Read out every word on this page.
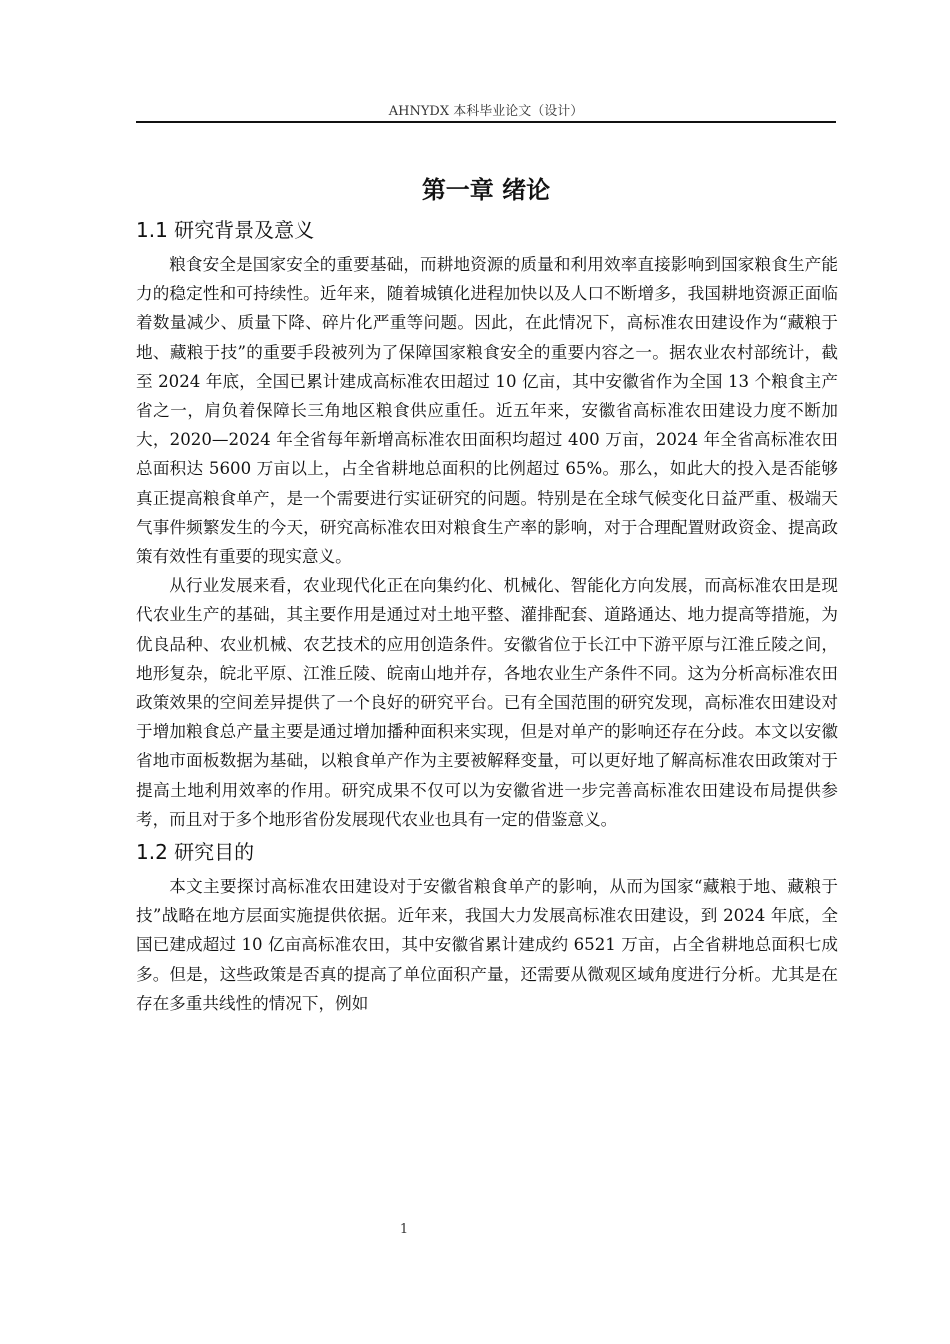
AHNYDX 本科毕业论文（设计）
第一章 绪论
1.1 研究背景及意义

粮食安全是国家安全的重要基础，而耕地资源的质量和利用效率直接影响到国家粮食生产能力的稳定性和可持续性。近年来，随着城镇化进程加快以及人口不断增多，我国耕地资源正面临着数量减少、质量下降、碎片化严重等问题。因此，在此情况下，高标准农田建设作为“藏粮于地、藏粮于技”的重要手段被列为了保障国家粮食安全的重要内容之一。据农业农村部统计，截至 2024 年底，全国已累计建成高标准农田超过 10 亿亩，其中安徽省作为全国 13 个粮食主产省之一，肩负着保障长三角地区粮食供应重任。近五年来，安徽省高标准农田建设力度不断加大，2020—2024 年全省每年新增高标准农田面积均超过 400 万亩，2024 年全省高标准农田总面积达 5600 万亩以上，占全省耕地总面积的比例超过 65%。那么，如此大的投入是否能够真正提高粮食单产，是一个需要进行实证研究的问题。特别是在全球气候变化日益严重、极端天气事件频繁发生的今天，研究高标准农田对粮食生产率的影响，对于合理配置财政资金、提高政策有效性有重要的现实意义。

从行业发展来看，农业现代化正在向集约化、机械化、智能化方向发展，而高标准农田是现代农业生产的基础，其主要作用是通过对土地平整、灌排配套、道路通达、地力提高等措施，为优良品种、农业机械、农艺技术的应用创造条件。安徽省位于长江中下游平原与江淮丘陵之间，地形复杂，皖北平原、江淮丘陵、皖南山地并存，各地农业生产条件不同。这为分析高标准农田政策效果的空间差异提供了一个良好的研究平台。已有全国范围的研究发现，高标准农田建设对于增加粮食总产量主要是通过增加播种面积来实现，但是对单产的影响还存在分歧。本文以安徽省地市面板数据为基础，以粮食单产作为主要被解释变量，可以更好地了解高标准农田政策对于提高土地利用效率的作用。研究成果不仅可以为安徽省进一步完善高标准农田建设布局提供参考，而且对于多个地形省份发展现代农业也具有一定的借鉴意义。

1.2 研究目的

本文主要探讨高标准农田建设对于安徽省粮食单产的影响，从而为国家“藏粮于地、藏粮于技”战略在地方层面实施提供依据。近年来，我国大力发展高标准农田建设，到 2024 年底，全国已建成超过 10 亿亩高标准农田，其中安徽省累计建成约 6521 万亩，占全省耕地总面积七成多。但是，这些政策是否真的提高了单位面积产量，还需要从微观区域角度进行分析。尤其是在存在多重共线性的情况下，例如

1
